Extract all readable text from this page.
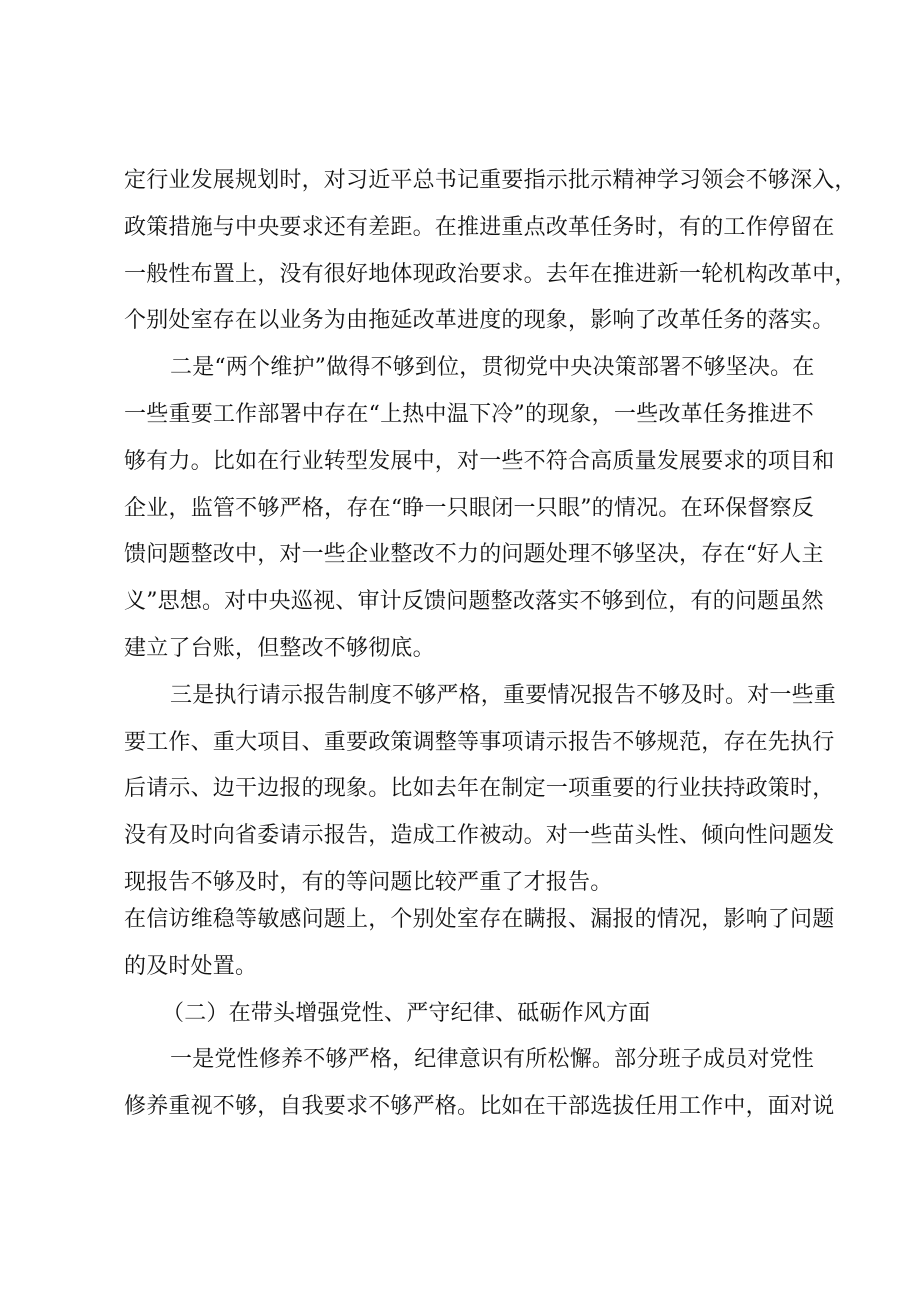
定行业发展规划时，对习近平总书记重要指示批示精神学习领会不够深入，
政策措施与中央要求还有差距。在推进重点改革任务时，有的工作停留在
一般性布置上，没有很好地体现政治要求。去年在推进新一轮机构改革中，
个别处室存在以业务为由拖延改革进度的现象，影响了改革任务的落实。
二是“两个维护”做得不够到位，贯彻党中央决策部署不够坚决。在
一些重要工作部署中存在“上热中温下冷”的现象，一些改革任务推进不
够有力。比如在行业转型发展中，对一些不符合高质量发展要求的项目和
企业，监管不够严格，存在“睁一只眼闭一只眼”的情况。在环保督察反
馈问题整改中，对一些企业整改不力的问题处理不够坚决，存在“好人主
义”思想。对中央巡视、审计反馈问题整改落实不够到位，有的问题虽然
建立了台账，但整改不够彻底。
三是执行请示报告制度不够严格，重要情况报告不够及时。对一些重
要工作、重大项目、重要政策调整等事项请示报告不够规范，存在先执行
后请示、边干边报的现象。比如去年在制定一项重要的行业扶持政策时，
没有及时向省委请示报告，造成工作被动。对一些苗头性、倾向性问题发
现报告不够及时，有的等问题比较严重了才报告。
在信访维稳等敏感问题上，个别处室存在瞒报、漏报的情况，影响了问题
的及时处置。
（二）在带头增强党性、严守纪律、砥砺作风方面
一是党性修养不够严格，纪律意识有所松懈。部分班子成员对党性
修养重视不够，自我要求不够严格。比如在干部选拔任用工作中，面对说
